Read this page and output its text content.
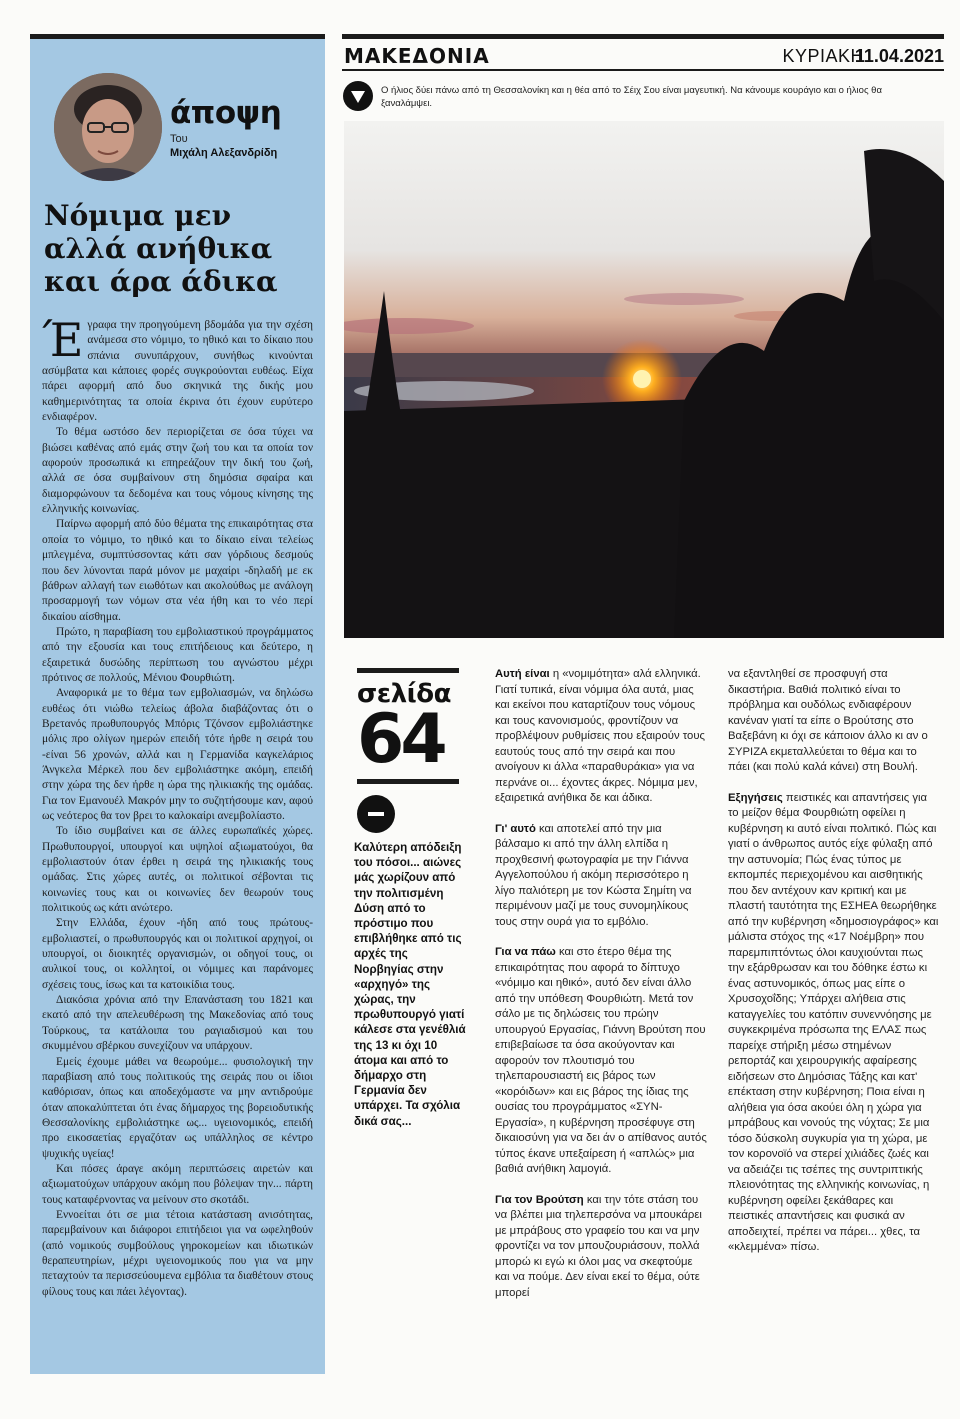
άποψη
Του
Μιχάλη Αλεξανδρίδη
Νόμιμα μεν
αλλά ανήθικα
και άρα άδικα

Έγραφα την προηγούμενη βδομάδα για την σχέση ανάμεσα στο νόμιμο, το ηθικό και το δίκαιο που σπάνια συνυπάρχουν, συνήθως κινούνται ασύμβατα και κάποιες φορές συγκρούονται ευθέως. Είχα πάρει αφορμή από δυο σκηνικά της δικής μου καθημερινότητας τα οποία έκρινα ότι έχουν ευρύτερο ενδιαφέρον.

Το θέμα ωστόσο δεν περιορίζεται σε όσα τύχει να βιώσει καθένας από εμάς στην ζωή του και τα οποία τον αφορούν προσωπικά κι επηρεάζουν την δική του ζωή, αλλά σε όσα συμβαίνουν στη δημόσια σφαίρα και διαμορφώνουν τα δεδομένα και τους νόμους κίνησης της ελληνικής κοινωνίας.

Παίρνω αφορμή από δύο θέματα της επικαιρότητας στα οποία το νόμιμο, το ηθικό και το δίκαιο είναι τελείως μπλεγμένα, συμπτύσσοντας κάτι σαν γόρδιους δεσμούς που δεν λύνονται παρά μόνον με μαχαίρι -δηλαδή με εκ βάθρων αλλαγή των ειωθότων και ακολούθως με ανάλογη προσαρμογή των νόμων στα νέα ήθη και το νέο περί δικαίου αίσθημα.

Πρώτο, η παραβίαση του εμβολιαστικού προγράμματος από την εξουσία και τους επιτήδειους και δεύτερο, η εξαιρετικά δυσώδης περίπτωση του αγνώστου μέχρι πρότινος σε πολλούς, Μένιου Φουρθιώτη.

Αναφορικά με το θέμα των εμβολιασμών, να δηλώσω ευθέως ότι νιώθω τελείως άβολα διαβάζοντας ότι ο Βρετανός πρωθυπουργός Μπόρις Τζόνσον εμβολιάστηκε μόλις προ ολίγων ημερών επειδή τότε ήρθε η σειρά του -είναι 56 χρονών, αλλά και η Γερμανίδα καγκελάριος Άνγκελα Μέρκελ που δεν εμβολιάστηκε ακόμη, επειδή στην χώρα της δεν ήρθε η ώρα της ηλικιακής της ομάδας. Για τον Εμανουέλ Μακρόν μην το συζητήσουμε καν, αφού ως νεότερος θα τον βρει το καλοκαίρι ανεμβολίαστο.

Το ίδιο συμβαίνει και σε άλλες ευρωπαϊκές χώρες. Πρωθυπουργοί, υπουργοί και υψηλοί αξιωματούχοι, θα εμβολιαστούν όταν έρθει η σειρά της ηλικιακής τους ομάδας. Στις χώρες αυτές, οι πολιτικοί σέβονται τις κοινωνίες τους και οι κοινωνίες δεν θεωρούν τους πολιτικούς ως κάτι ανώτερο.

Στην Ελλάδα, έχουν -ήδη από τους πρώτους- εμβολιαστεί, ο πρωθυπουργός και οι πολιτικοί αρχηγοί, οι υπουργοί, οι διοικητές οργανισμών, οι οδηγοί τους, οι αυλικοί τους, οι κολλητοί, οι νόμιμες και παράνομες σχέσεις τους, ίσως και τα κατοικίδια τους.

Διακόσια χρόνια από την Επανάσταση του 1821 και εκατό από την απελευθέρωση της Μακεδονίας από τους Τούρκους, τα κατάλοιπα του ραγιαδισμού και του σκυμμένου σβέρκου συνεχίζουν να υπάρχουν.

Εμείς έχουμε μάθει να θεωρούμε... φυσιολογική την παραβίαση από τους πολιτικούς της σειράς που οι ίδιοι καθόρισαν, όπως και αποδεχόμαστε να μην αντιδρούμε όταν αποκαλύπτεται ότι ένας δήμαρχος της βορειοδυτικής Θεσσαλονίκης εμβολιάστηκε ως... υγειονομικός, επειδή προ εικοσαετίας εργαζόταν ως υπάλληλος σε κέντρο ψυχικής υγείας!

Και πόσες άραγε ακόμη περιπτώσεις αιρετών και αξιωματούχων υπάρχουν ακόμη που βόλεψαν την... πάρτη τους καταφέρνοντας να μείνουν στο σκοτάδι.

Εννοείται ότι σε μια τέτοια κατάσταση ανισότητας, παρεμβαίνουν και διάφοροι επιτήδειοι για να ωφεληθούν (από νομικούς συμβούλους γηροκομείων και ιδιωτικών θεραπευτηρίων, μέχρι υγειονομικούς που για να μην πεταχτούν τα περισσεύουμενα εμβόλια τα διαθέτουν στους φίλους τους και πάει λέγοντας).

ΜΑΚΕΔΟΝΙΑ	ΚΥΡΙΑΚΗ
11.04.2021
Ο ήλιος δύει πάνω από τη Θεσσαλονίκη και η θέα από το Σέιχ Σου είναι μαγευτική. Να κάνουμε κουράγιο και ο ήλιος θα ξαναλάμψει.
σελίδα
64
Καλύτερη απόδειξη του πόσοι... αιώνες μάς χωρίζουν από την πολιτισμένη Δύση από το πρόστιμο που επιβλήθηκε από τις αρχές της Νορβηγίας στην «αρχηγό» της χώρας, την πρωθυπουργό γιατί κάλεσε στα γενέθλιά της 13 κι όχι 10 άτομα και από το δήμαρχο στη Γερμανία δεν υπάρχει. Τα σχόλια δικά σας...

Αυτή είναι η «νομιμότητα» αλά ελληνικά. Γιατί τυπικά, είναι νόμιμα όλα αυτά, μιας και εκείνοι που καταρτίζουν τους νόμους και τους κανονισμούς, φροντίζουν να προβλέψουν ρυθμίσεις που εξαιρούν τους εαυτούς τους από την σειρά και που ανοίγουν κι άλλα «παραθυράκια» για να περνάνε οι... έχοντες άκρες. Νόμιμα μεν, εξαιρετικά ανήθικα δε και άδικα.

Γι' αυτό και αποτελεί από την μια βάλσαμο κι από την άλλη ελπίδα η προχθεσινή φωτογραφία με την Γιάννα Αγγελοπούλου ή ακόμη περισσότερο η λίγο παλιότερη με τον Κώστα Σημίτη να περιμένουν μαζί με τους συνομηλίκους τους στην ουρά για το εμβόλιο.

Για να πάω και στο έτερο θέμα της επικαιρότητας που αφορά το δίπτυχο «νόμιμο και ηθικό», αυτό δεν είναι άλλο από την υπόθεση Φουρθιώτη. Μετά τον σάλο με τις δηλώσεις του πρώην υπουργού Εργασίας, Γιάννη Βρούτση που επιβεβαίωσε τα όσα ακούγονταν και αφορούν τον πλουτισμό του τηλεπαρουσιαστή εις βάρος των «κορόιδων» και εις βάρος της ίδιας της ουσίας του προγράμματος «ΣΥΝ-Εργασία», η κυβέρνηση προσέφυγε στη δικαιοσύνη για να δει άν ο απίθανος αυτός τύπος έκανε υπεξαίρεση ή «απλώς» μια βαθιά ανήθικη λαμογιά.

Για τον Βρούτση και την τότε στάση του να βλέπει μια τηλεπερσόνα να μπουκάρει με μπράβους στο γραφείο του και να μην φροντίζει να τον μπουζουριάσουν, πολλά μπορώ κι εγώ κι όλοι μας να σκεφτούμε και να πούμε. Δεν είναι εκεί το θέμα, ούτε μπορεί

να εξαντληθεί σε προσφυγή στα δικαστήρια. Βαθιά πολιτικό είναι το πρόβλημα και ουδόλως ενδιαφέρουν κανέναν γιατί τα είπε ο Βρούτσης στο Βαξεβάνη κι όχι σε κάποιον άλλο κι αν ο ΣΥΡΙΖΑ εκμεταλλεύεται το θέμα και το πάει (και πολύ καλά κάνει) στη Βουλή.

Εξηγήσεις πειστικές και απαντήσεις για το μείζον θέμα Φουρθιώτη οφείλει η κυβέρνηση κι αυτό είναι πολιτικό. Πώς και γιατί ο άνθρωπος αυτός είχε φύλαξη από την αστυνομία; Πώς ένας τύπος με εκπομπές περιεχομένου και αισθητικής που δεν αντέχουν καν κριτική και με πλαστή ταυτότητα της ΕΣΗΕΑ θεωρήθηκε από την κυβέρνηση «δημοσιογράφος» και μάλιστα στόχος της «17 Νοέμβρη» που παρεμπιπτόντως όλοι καυχιούνται πως την εξάρθρωσαν και του δόθηκε έστω κι ένας αστυνομικός, όπως μας είπε ο Χρυσοχοΐδης; Υπάρχει αλήθεια στις καταγγελίες του κατόπιν συνεννόησης με συγκεκριμένα πρόσωπα της ΕΛΑΣ πως παρείχε στήριξη μέσω στημένων ρεπορτάζ και χειρουργικής αφαίρεσης ειδήσεων στο Δημόσιας Τάξης και κατ' επέκταση στην κυβέρνηση; Ποια είναι η αλήθεια για όσα ακούει όλη η χώρα για μπράβους και νονούς της νύχτας; Σε μια τόσο δύσκολη συγκυρία για τη χώρα, με τον κορονοϊό να στερεί χιλιάδες ζωές και να αδειάζει τις τσέπες της συντριπτικής πλειονότητας της ελληνικής κοινωνίας, η κυβέρνηση οφείλει ξεκάθαρες και πειστικές απαντήσεις και φυσικά αν αποδειχτεί, πρέπει να πάρει... χθες, τα «κλεμμένα» πίσω.
